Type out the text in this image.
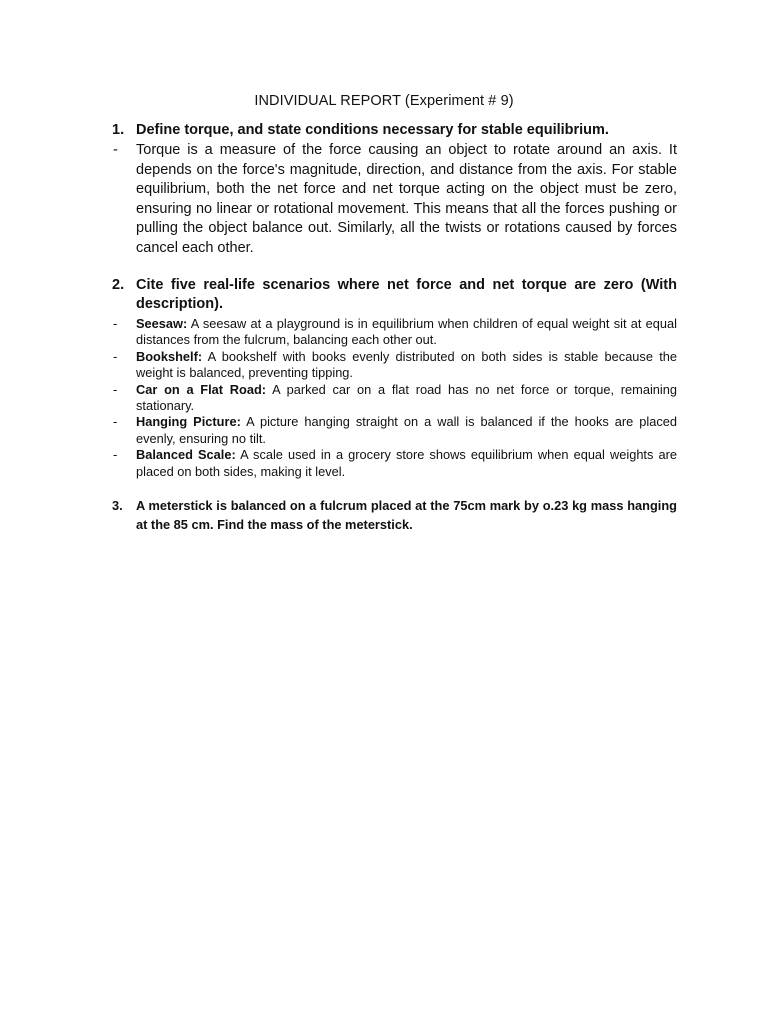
INDIVIDUAL REPORT (Experiment # 9)
1. Define torque, and state conditions necessary for stable equilibrium.
- Torque is a measure of the force causing an object to rotate around an axis. It depends on the force's magnitude, direction, and distance from the axis. For stable equilibrium, both the net force and net torque acting on the object must be zero, ensuring no linear or rotational movement. This means that all the forces pushing or pulling the object balance out. Similarly, all the twists or rotations caused by forces cancel each other.
2. Cite five real-life scenarios where net force and net torque are zero (With description).
- Seesaw: A seesaw at a playground is in equilibrium when children of equal weight sit at equal distances from the fulcrum, balancing each other out.
- Bookshelf: A bookshelf with books evenly distributed on both sides is stable because the weight is balanced, preventing tipping.
- Car on a Flat Road: A parked car on a flat road has no net force or torque, remaining stationary.
- Hanging Picture: A picture hanging straight on a wall is balanced if the hooks are placed evenly, ensuring no tilt.
- Balanced Scale: A scale used in a grocery store shows equilibrium when equal weights are placed on both sides, making it level.
3. A meterstick is balanced on a fulcrum placed at the 75cm mark by o.23 kg mass hanging at the 85 cm. Find the mass of the meterstick.
